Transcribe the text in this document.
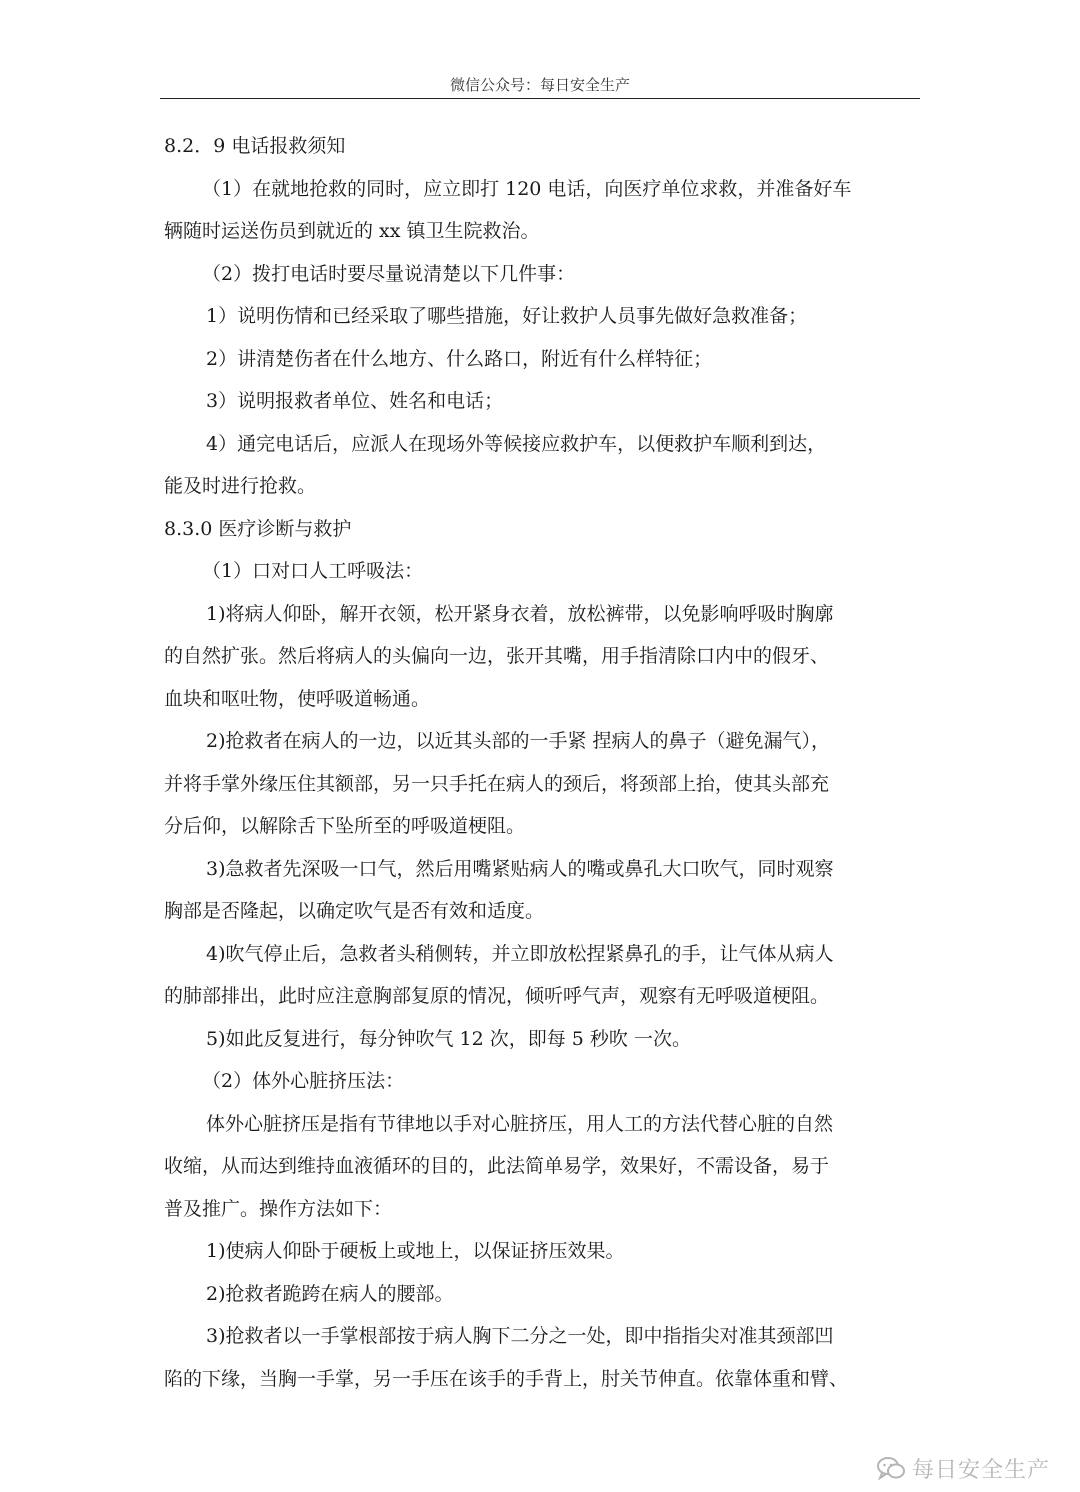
微信公众号：每日安全生产

8.2．9 电话报救须知

（1）在就地抢救的同时，应立即打 120 电话，向医疗单位求救，并准备好车

辆随时运送伤员到就近的 xx 镇卫生院救治。

（2）拨打电话时要尽量说清楚以下几件事：

1）说明伤情和已经采取了哪些措施，好让救护人员事先做好急救准备；

2）讲清楚伤者在什么地方、什么路口，附近有什么样特征；

3）说明报救者单位、姓名和电话；

4）通完电话后，应派人在现场外等候接应救护车，以便救护车顺利到达，

能及时进行抢救。

8.3.0 医疗诊断与救护

（1）口对口人工呼吸法：

1)将病人仰卧，解开衣领，松开紧身衣着，放松裤带，以免影响呼吸时胸廓

的自然扩张。然后将病人的头偏向一边，张开其嘴，用手指清除口内中的假牙、

血块和呕吐物，使呼吸道畅通。

2)抢救者在病人的一边，以近其头部的一手紧 捏病人的鼻子（避免漏气），

并将手掌外缘压住其额部，另一只手托在病人的颈后，将颈部上抬，使其头部充

分后仰，以解除舌下坠所至的呼吸道梗阻。

3)急救者先深吸一口气，然后用嘴紧贴病人的嘴或鼻孔大口吹气，同时观察

胸部是否隆起，以确定吹气是否有效和适度。

4)吹气停止后，急救者头稍侧转，并立即放松捏紧鼻孔的手，让气体从病人

的肺部排出，此时应注意胸部复原的情况，倾听呼气声，观察有无呼吸道梗阻。

5)如此反复进行，每分钟吹气 12 次，即每 5 秒吹 一次。

（2）体外心脏挤压法：

体外心脏挤压是指有节律地以手对心脏挤压，用人工的方法代替心脏的自然

收缩，从而达到维持血液循环的目的，此法简单易学，效果好，不需设备，易于

普及推广。操作方法如下：

1)使病人仰卧于硬板上或地上，以保证挤压效果。

2)抢救者跪跨在病人的腰部。

3)抢救者以一手掌根部按于病人胸下二分之一处，即中指指尖对准其颈部凹

陷的下缘，当胸一手掌，另一手压在该手的手背上，肘关节伸直。依靠体重和臂、

每日安全生产
